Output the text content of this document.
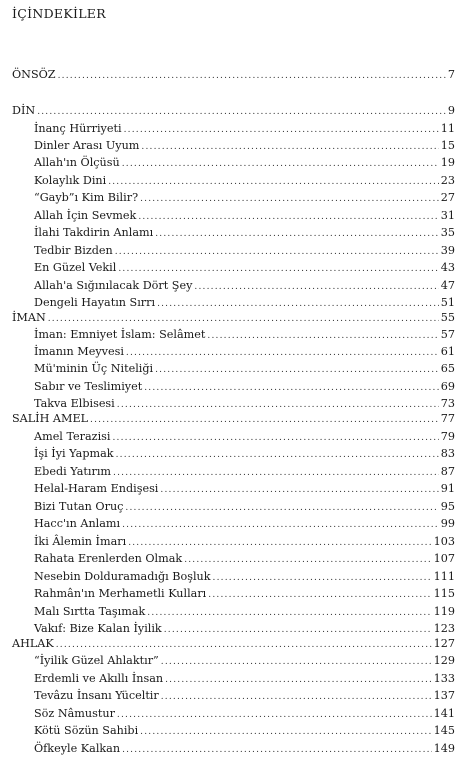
İÇİNDEKİLER
ÖNSÖZ .....	7
DİN .....	9
İnanç Hürriyeti .....	11
Dinler Arası Uyum .....	15
Allah'ın Ölçüsü .....	19
Kolaylık Dini .....	23
“Gayb”ı Kim Bilir? .....	27
Allah İçin Sevmek .....	31
İlahi Takdirin Anlamı .....	35
Tedbir Bizden .....	39
En Güzel Vekil .....	43
Allah'a Sığınılacak Dört Şey .....	47
Dengeli Hayatın Sırrı .....	51
İMAN .....	55
İman: Emniyet İslam: Selâmet .....	57
İmanın Meyvesi .....	61
Mü'minin Üç Niteliği .....	65
Sabır ve Teslimiyet .....	69
Takva Elbisesi .....	73
SALİH AMEL .....	77
Amel Terazisi .....	79
İşi İyi Yapmak .....	83
Ebedi Yatırım .....	87
Helal-Haram Endişesi .....	91
Bizi Tutan Oruç .....	95
Hacc'ın Anlamı .....	99
İki Âlemin İmarı .....	103
Rahata Erenlerden Olmak .....	107
Nesebin Dolduramadığı Boşluk .....	111
Rahmân'ın Merhametli Kulları .....	115
Malı Sırtta Taşımak .....	119
Vakıf: Bize Kalan İyilik .....	123
AHLAK .....	127
“İyilik Güzel Ahlaktır” .....	129
Erdemli ve Akıllı İnsan .....	133
Tevâzu İnsanı Yüceltir .....	137
Söz Nâmustur .....	141
Kötü Sözün Sahibi .....	145
Öfkeyle Kalkan .....	149
